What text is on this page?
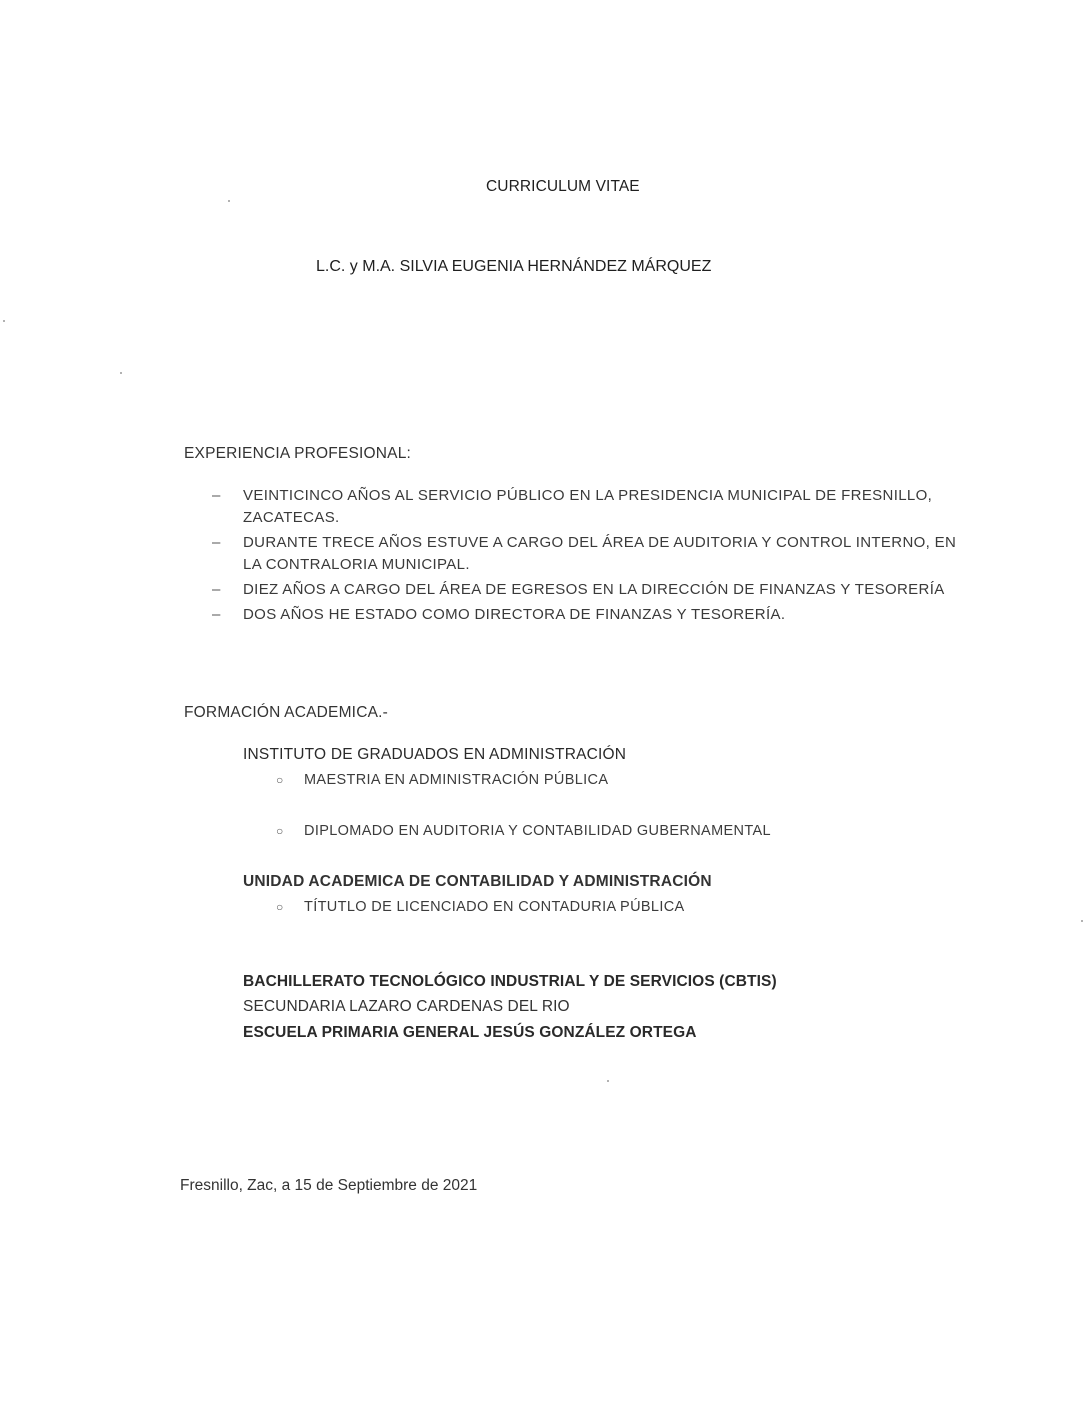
CURRICULUM VITAE
L.C. y M.A. SILVIA EUGENIA HERNÁNDEZ MÁRQUEZ
EXPERIENCIA PROFESIONAL:
– VEINTICINCO AÑOS AL SERVICIO PÚBLICO EN LA PRESIDENCIA MUNICIPAL DE FRESNILLO, ZACATECAS.
– DURANTE TRECE AÑOS ESTUVE A CARGO DEL ÁREA DE AUDITORIA Y CONTROL INTERNO, EN LA CONTRALORIA MUNICIPAL.
– DIEZ AÑOS A CARGO DEL ÁREA DE EGRESOS EN LA DIRECCIÓN DE FINANZAS Y TESORERÍA
– DOS AÑOS HE ESTADO COMO DIRECTORA DE FINANZAS Y TESORERÍA.
FORMACIÓN ACADEMICA.-
INSTITUTO DE GRADUADOS EN ADMINISTRACIÓN
○ MAESTRIA EN ADMINISTRACIÓN PÚBLICA
○ DIPLOMADO EN AUDITORIA Y CONTABILIDAD GUBERNAMENTAL
UNIDAD ACADEMICA DE CONTABILIDAD Y ADMINISTRACIÓN
○ TÍTUTLO DE LICENCIADO EN CONTADURIA PÚBLICA
BACHILLERATO TECNOLÓGICO INDUSTRIAL Y DE SERVICIOS (CBTIS)
SECUNDARIA LAZARO CARDENAS DEL RIO
ESCUELA PRIMARIA GENERAL JESÚS GONZÁLEZ ORTEGA
Fresnillo, Zac, a 15 de Septiembre de 2021
